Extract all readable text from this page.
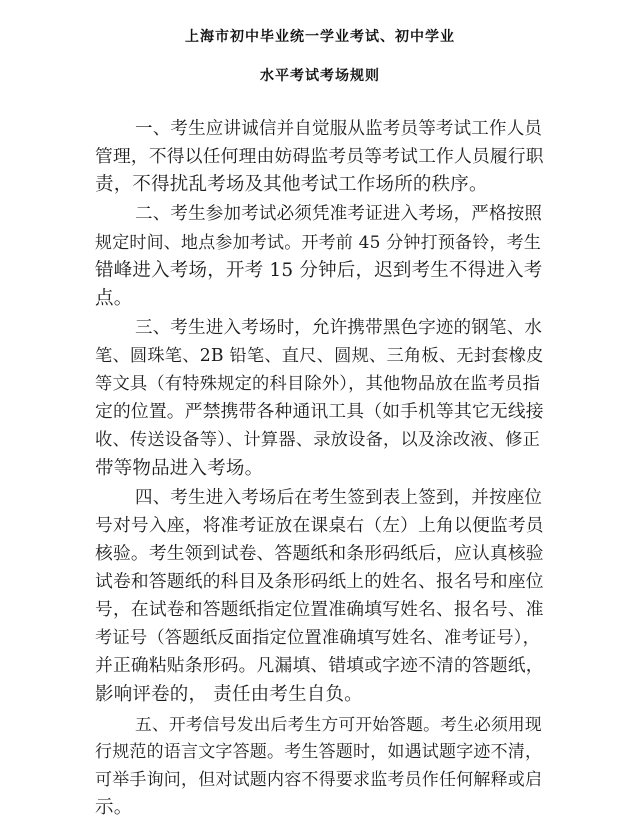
上海市初中毕业统一学业考试、初中学业
水平考试考场规则
一、考生应讲诚信并自觉服从监考员等考试工作人员
管理，不得以任何理由妨碍监考员等考试工作人员履行职
责，不得扰乱考场及其他考试工作场所的秩序。
二、考生参加考试必须凭准考证进入考场，严格按照
规定时间、地点参加考试。开考前 45 分钟打预备铃，考生
错峰进入考场，开考 15 分钟后，迟到考生不得进入考
点。
三、考生进入考场时，允许携带黑色字迹的钢笔、水
笔、圆珠笔、2B 铅笔、直尺、圆规、三角板、无封套橡皮
等文具（有特殊规定的科目除外），其他物品放在监考员指
定的位置。严禁携带各种通讯工具（如手机等其它无线接
收、传送设备等）、计算器、录放设备，以及涂改液、修正
带等物品进入考场。
四、考生进入考场后在考生签到表上签到，并按座位
号对号入座，将准考证放在课桌右（左）上角以便监考员
核验。考生领到试卷、答题纸和条形码纸后，应认真核验
试卷和答题纸的科目及条形码纸上的姓名、报名号和座位
号，在试卷和答题纸指定位置准确填写姓名、报名号、准
考证号（答题纸反面指定位置准确填写姓名、准考证号），
并正确粘贴条形码。凡漏填、错填或字迹不清的答题纸，
影响评卷的， 责任由考生自负。
五、开考信号发出后考生方可开始答题。考生必须用现
行规范的语言文字答题。考生答题时，如遇试题字迹不清，
可举手询问，但对试题内容不得要求监考员作任何解释或启
示。
